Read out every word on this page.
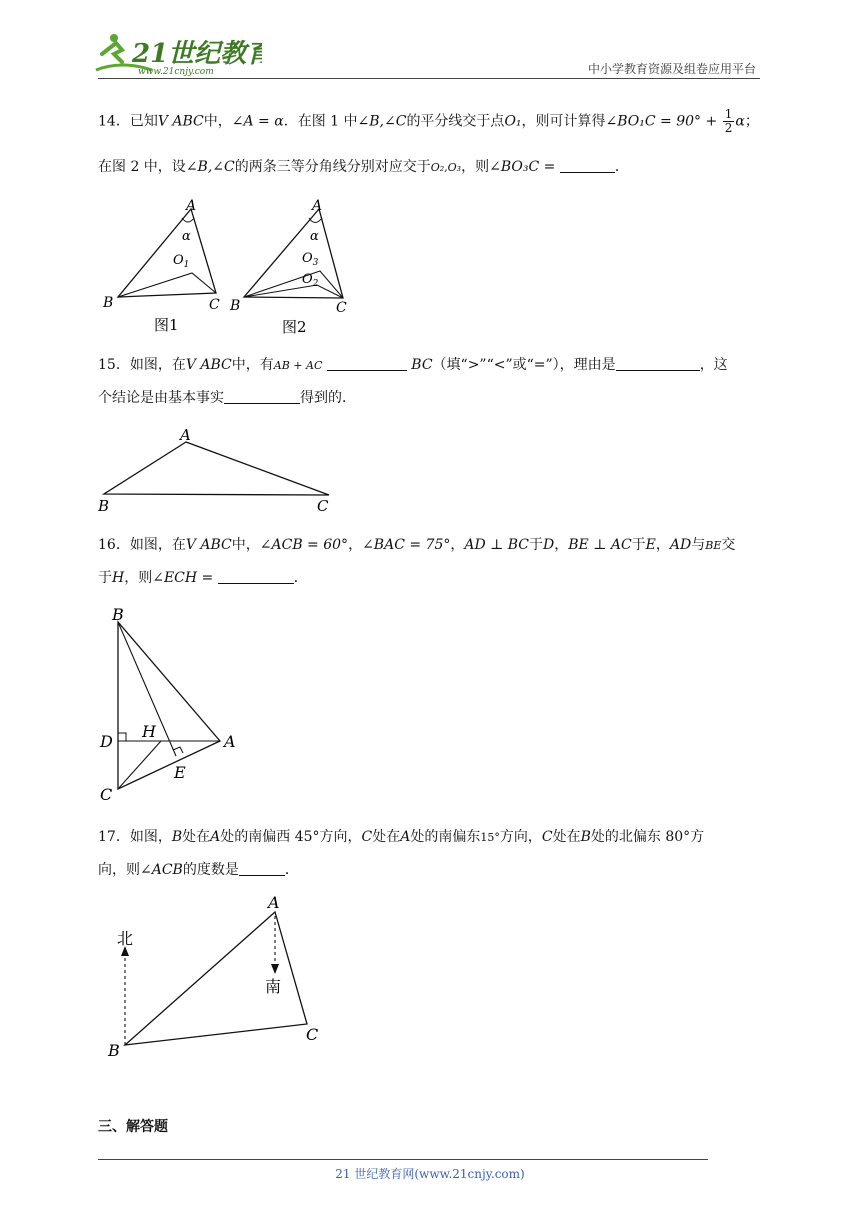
21世纪教育
www.21cnjy.com	中小学教育资源及组卷应用平台
14．已知V ABC中，∠A = α．在图 1 中∠B,∠C的平分线交于点O₁，则可计算得∠BO₁C = $90^\circ + \frac{1}{2}$ α；
在图 2 中，设∠B,∠C的两条三等分角线分别对应交于O₂,O₃，则∠BO₃C =	．
A
α
$O_1$
B	C
图1
A
α
$O_3$
$O_2$
B	C
图2
15．如图，在V ABC中，有AB + AC	BC（填“>”“<”或“=”），理由是	，这
个结论是由基本事实	得到的．
A
B	C
16．如图，在V ABC中，∠ACB = 60°，∠BAC = 75°，AD ⊥ BC于D，BE ⊥ AC于E，AD与BE交
于H，则∠ECH =	．
B
D
H
A
E
C
17．如图，B处在A处的南偏西 45°方向，C处在A处的南偏东15°方向，C处在B处的北偏东 80°方
向，则∠ACB的度数是	．
北
南
A
B
C
三、解答题
21 世纪教育网(www.21cnjy.com)
